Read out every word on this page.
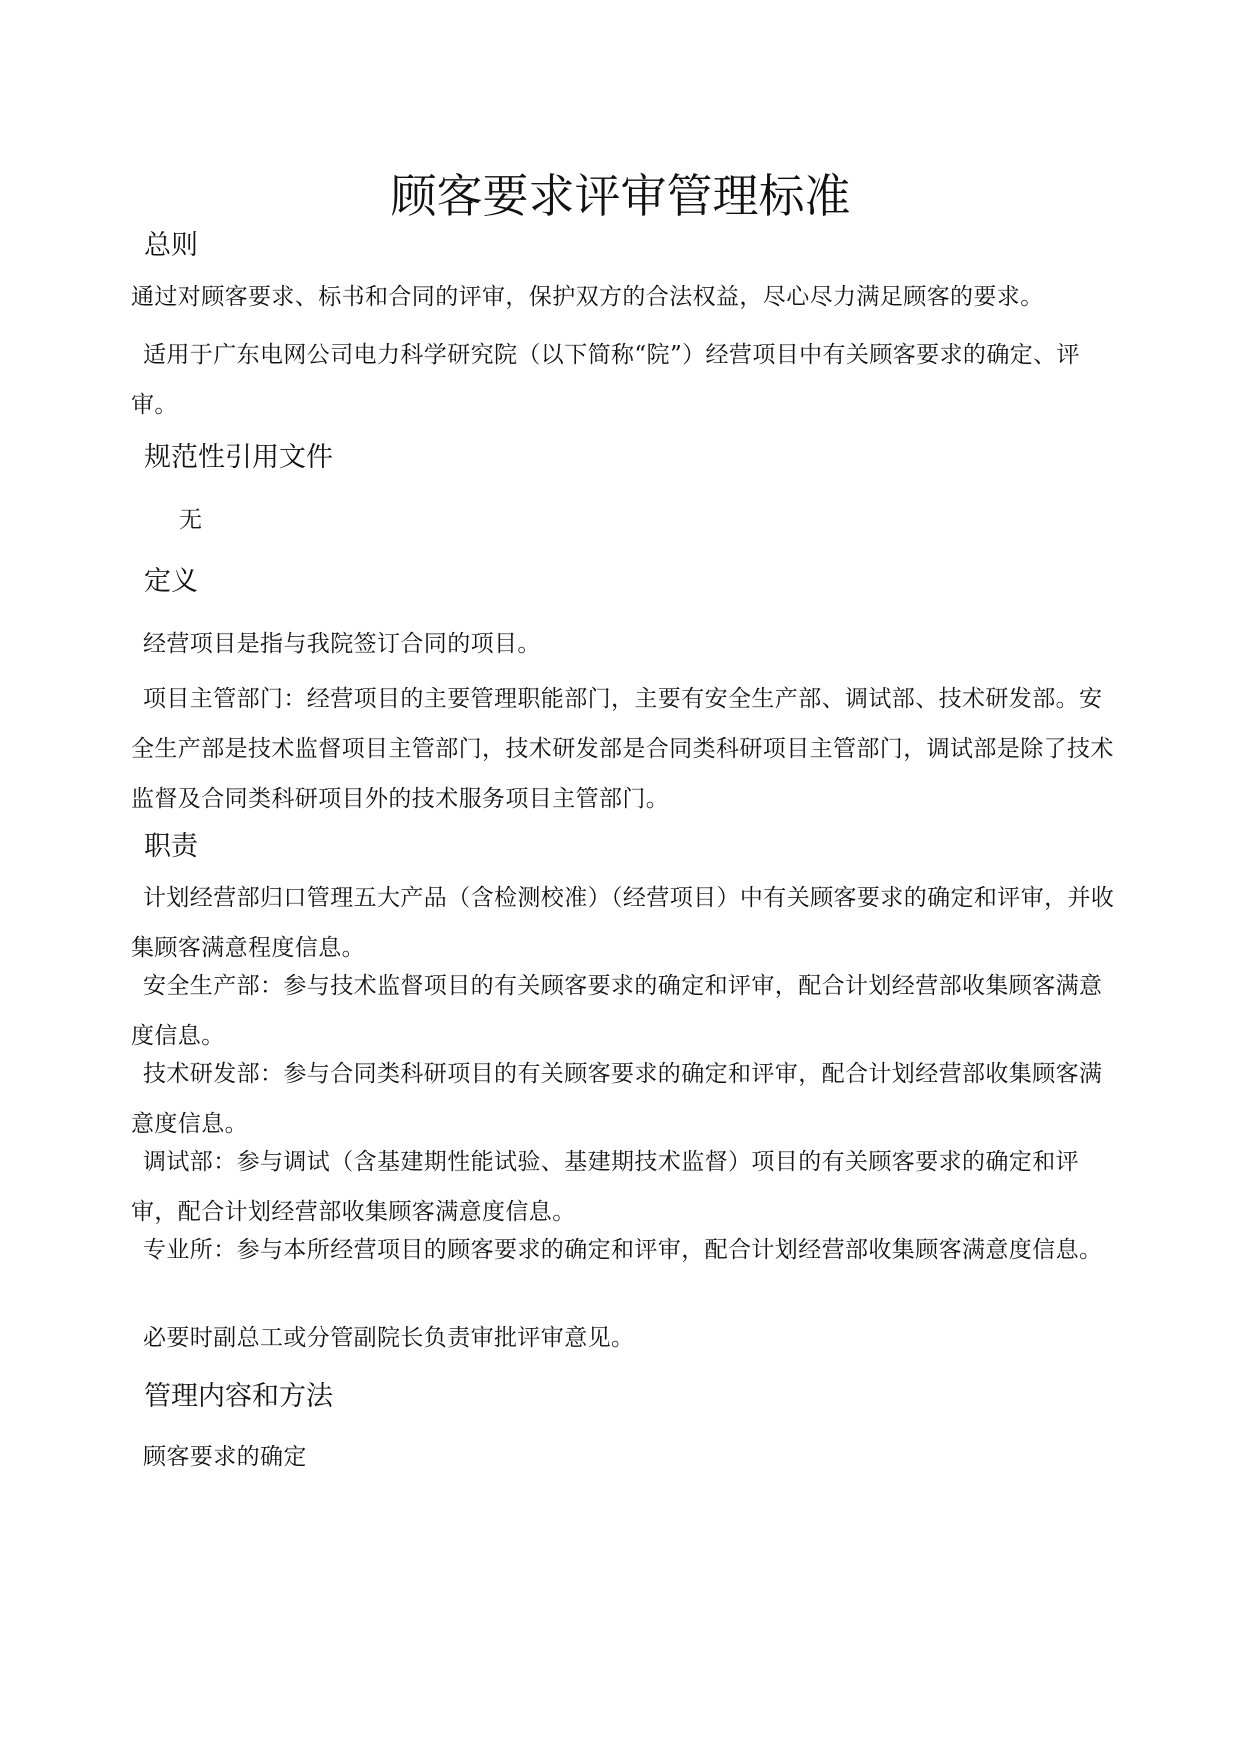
顾客要求评审管理标准
总则

通过对顾客要求、标书和合同的评审，保护双方的合法权益，尽心尽力满足顾客的要求。

适用于广东电网公司电力科学研究院（以下简称“院”）经营项目中有关顾客要求的确定、评审。

规范性引用文件

无

定义

经营项目是指与我院签订合同的项目。

项目主管部门：经营项目的主要管理职能部门，主要有安全生产部、调试部、技术研发部。安全生产部是技术监督项目主管部门，技术研发部是合同类科研项目主管部门，调试部是除了技术监督及合同类科研项目外的技术服务项目主管部门。

职责

计划经营部归口管理五大产品（含检测校准）（经营项目）中有关顾客要求的确定和评审，并收集顾客满意程度信息。

安全生产部：参与技术监督项目的有关顾客要求的确定和评审，配合计划经营部收集顾客满意度信息。

技术研发部：参与合同类科研项目的有关顾客要求的确定和评审，配合计划经营部收集顾客满意度信息。

调试部：参与调试（含基建期性能试验、基建期技术监督）项目的有关顾客要求的确定和评审，配合计划经营部收集顾客满意度信息。

专业所：参与本所经营项目的顾客要求的确定和评审，配合计划经营部收集顾客满意度信息。

必要时副总工或分管副院长负责审批评审意见。

管理内容和方法

顾客要求的确定
